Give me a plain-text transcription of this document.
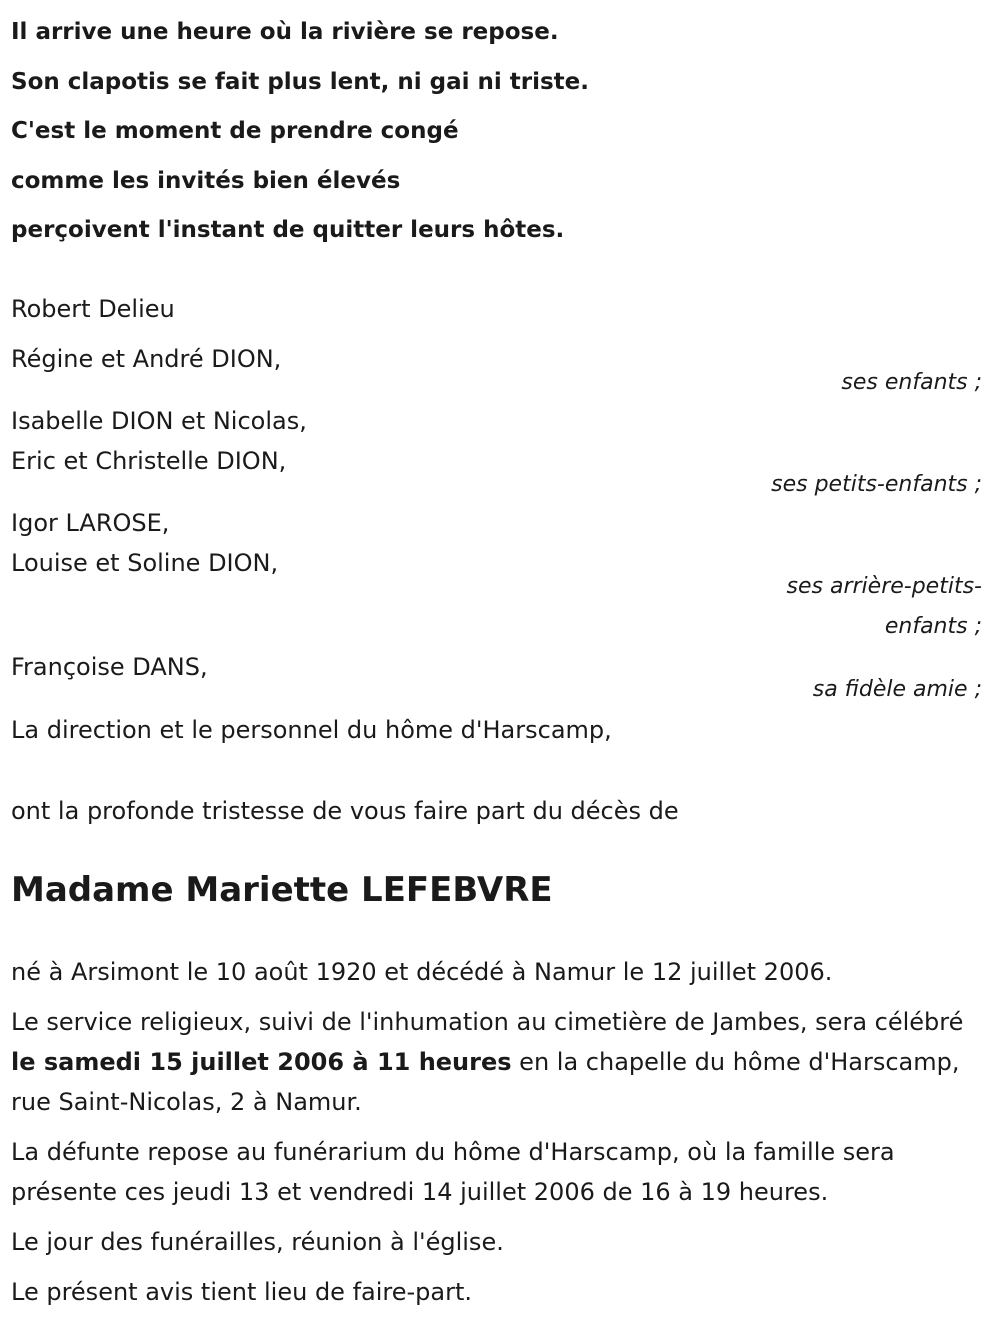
Il arrive une heure où la rivière se repose.

Son clapotis se fait plus lent, ni gai ni triste.

C'est le moment de prendre congé

comme les invités bien élevés

perçoivent l'instant de quitter leurs hôtes.

Robert Delieu

Régine et André DION,

ses enfants ;

Isabelle DION et Nicolas,

Eric et Christelle DION,

ses petits-enfants ;

Igor LAROSE,

Louise et Soline DION,

ses arrière-petits-

enfants ;

Françoise DANS,

sa fidèle amie ;

La direction et le personnel du hôme d'Harscamp,

ont la profonde tristesse de vous faire part du décès de

Madame Mariette LEFEBVRE

né à Arsimont le 10 août 1920 et décédé à Namur le 12 juillet 2006.

Le service religieux, suivi de l'inhumation au cimetière de Jambes, sera célébré le samedi 15 juillet 2006 à 11 heures en la chapelle du hôme d'Harscamp, rue Saint-Nicolas, 2 à Namur.

La défunte repose au funérarium du hôme d'Harscamp, où la famille sera présente ces jeudi 13 et vendredi 14 juillet 2006 de 16 à 19 heures.

Le jour des funérailles, réunion à l'église.

Le présent avis tient lieu de faire-part.
